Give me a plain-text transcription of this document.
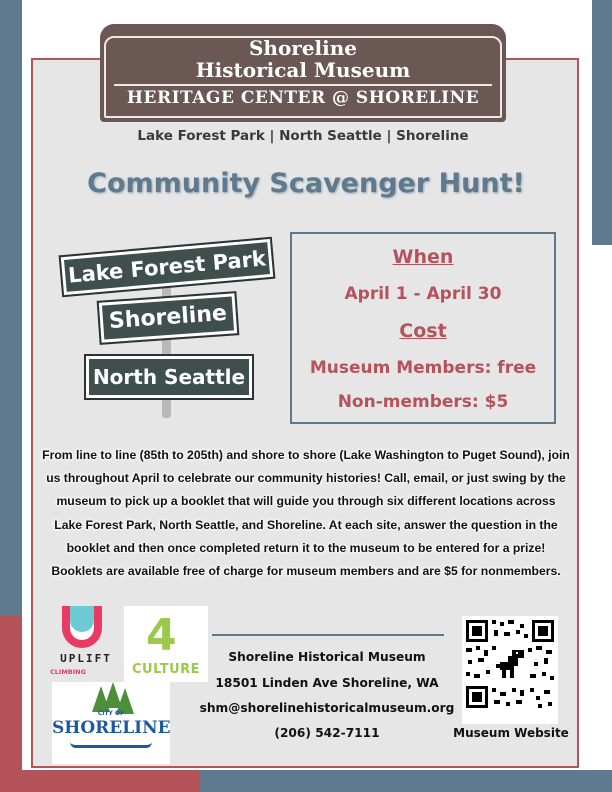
Shoreline
Historical Museum
HERITAGE CENTER @ SHORELINE
Lake Forest Park | North Seattle | Shoreline
Community Scavenger Hunt!
Lake Forest Park
Shoreline
North Seattle
When
April 1 - April 30
Cost
Museum Members: free
Non-members: $5
From line to line (85th to 205th) and shore to shore (Lake Washington to Puget Sound), join us throughout April to celebrate our community histories! Call, email, or just swing by the museum to pick up a booklet that will guide you through six different locations across Lake Forest Park, North Seattle, and Shoreline. At each site, answer the question in the booklet and then once completed return it to the museum to be entered for a prize! Booklets are available free of charge for museum members and are $5 for nonmembers.
UPLIFT
CLIMBING
4
CULTURE
CITY OF
SHORELINE
Shoreline Historical Museum
18501 Linden Ave Shoreline, WA
shm@shorelinehistoricalmuseum.org
(206) 542-7111	Museum Website
